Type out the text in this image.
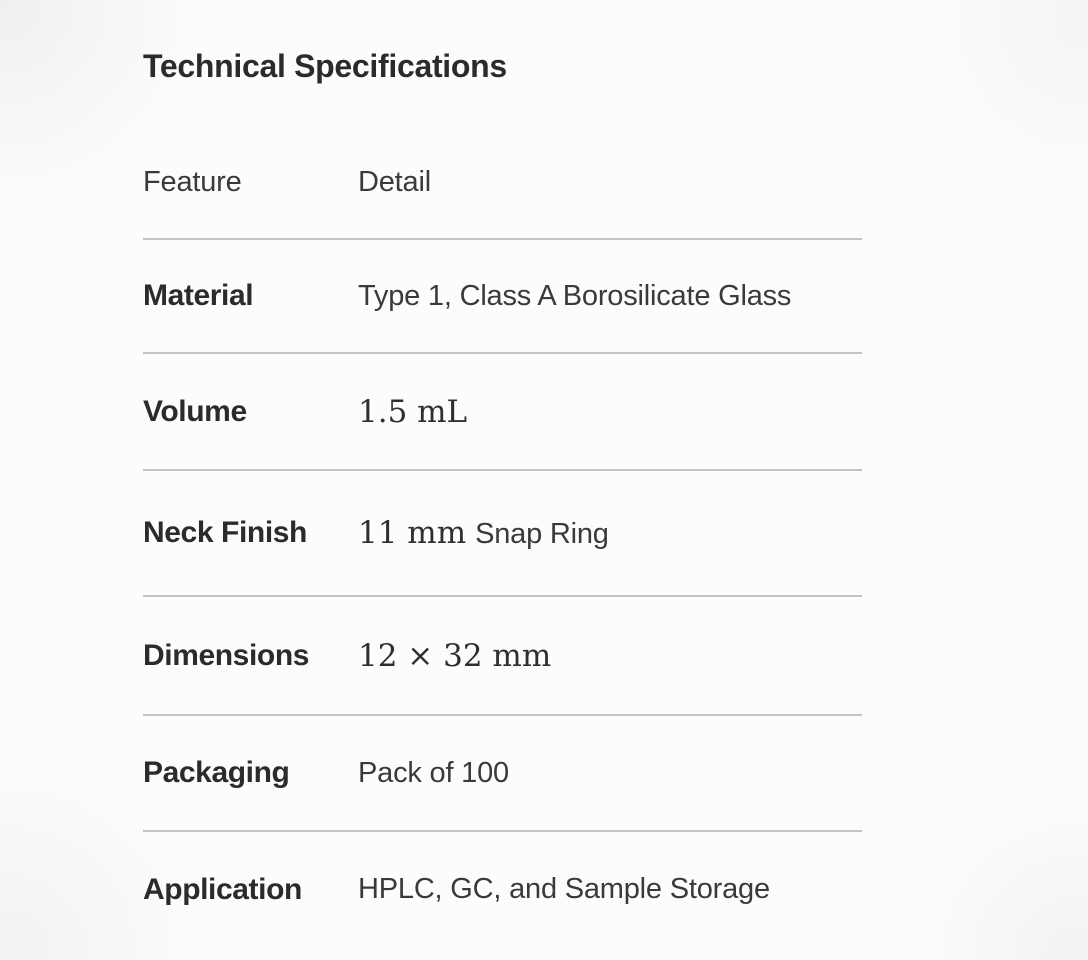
Technical Specifications
Feature	Detail
Material	Type 1, Class A Borosilicate Glass
Volume	1.5 mL
Neck Finish	11 mm Snap Ring
Dimensions	12 × 32 mm
Packaging	Pack of 100
Application	HPLC, GC, and Sample Storage
